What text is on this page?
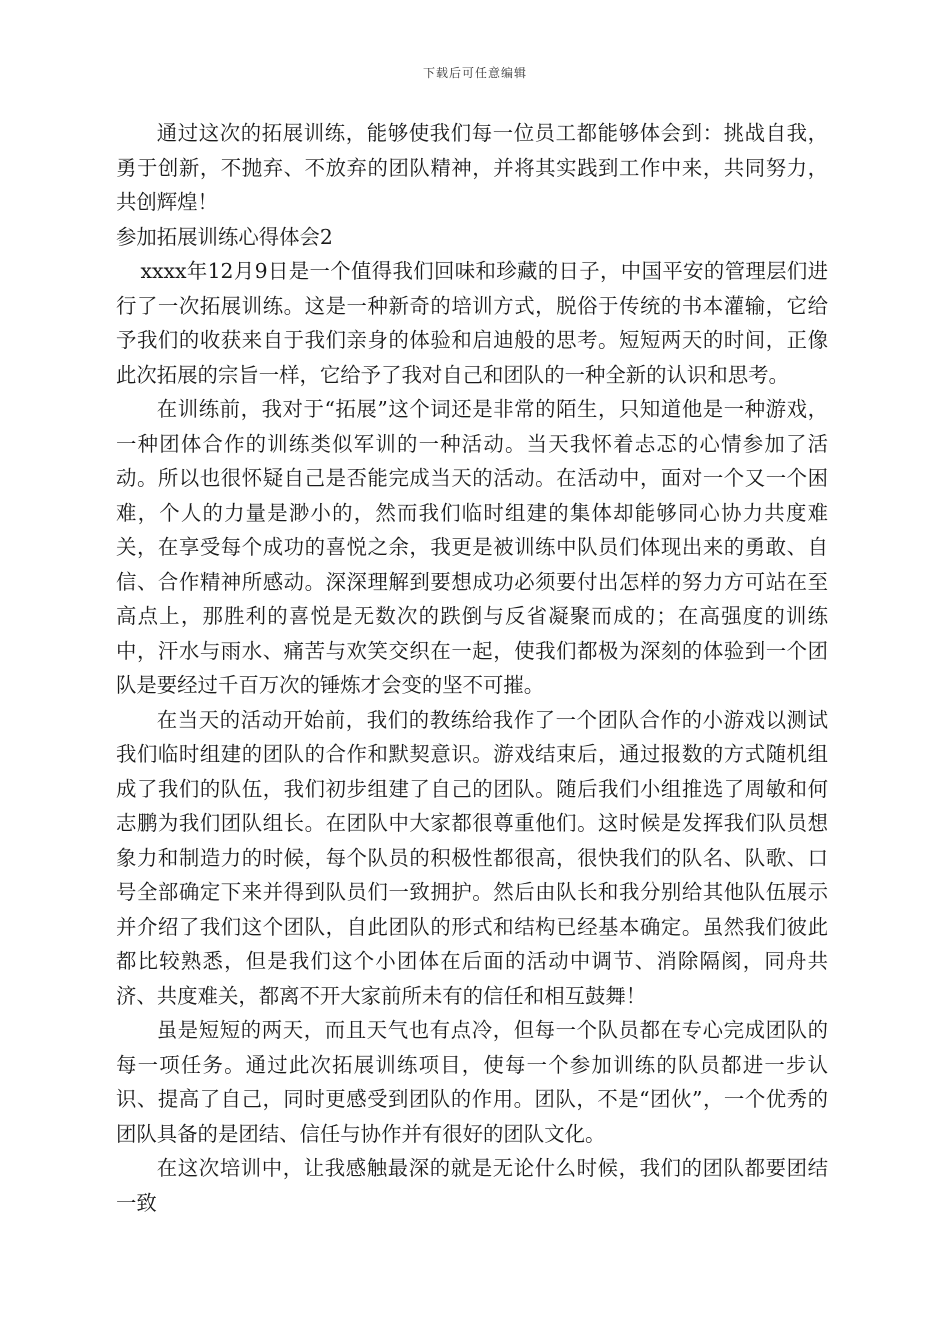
下载后可任意编辑

通过这次的拓展训练，能够使我们每一位员工都能够体会到：挑战自我，勇于创新，不抛弃、不放弃的团队精神，并将其实践到工作中来，共同努力，共创辉煌！

参加拓展训练心得体会2

xxxx年12月9日是一个值得我们回味和珍藏的日子，中国平安的管理层们进行了一次拓展训练。这是一种新奇的培训方式，脱俗于传统的书本灌输，它给予我们的收获来自于我们亲身的体验和启迪般的思考。短短两天的时间，正像此次拓展的宗旨一样，它给予了我对自己和团队的一种全新的认识和思考。

在训练前，我对于“拓展”这个词还是非常的陌生，只知道他是一种游戏，一种团体合作的训练类似军训的一种活动。当天我怀着忐忑的心情参加了活动。所以也很怀疑自己是否能完成当天的活动。在活动中，面对一个又一个困难，个人的力量是渺小的，然而我们临时组建的集体却能够同心协力共度难关，在享受每个成功的喜悦之余，我更是被训练中队员们体现出来的勇敢、自信、合作精神所感动。深深理解到要想成功必须要付出怎样的努力方可站在至高点上，那胜利的喜悦是无数次的跌倒与反省凝聚而成的；在高强度的训练中，汗水与雨水、痛苦与欢笑交织在一起，使我们都极为深刻的体验到一个团队是要经过千百万次的锤炼才会变的坚不可摧。

在当天的活动开始前，我们的教练给我作了一个团队合作的小游戏以测试我们临时组建的团队的合作和默契意识。游戏结束后，通过报数的方式随机组成了我们的队伍，我们初步组建了自己的团队。随后我们小组推选了周敏和何志鹏为我们团队组长。在团队中大家都很尊重他们。这时候是发挥我们队员想象力和制造力的时候，每个队员的积极性都很高，很快我们的队名、队歌、口号全部确定下来并得到队员们一致拥护。然后由队长和我分别给其他队伍展示并介绍了我们这个团队，自此团队的形式和结构已经基本确定。虽然我们彼此都比较熟悉，但是我们这个小团体在后面的活动中调节、消除隔阂，同舟共济、共度难关，都离不开大家前所未有的信任和相互鼓舞！

虽是短短的两天，而且天气也有点冷，但每一个队员都在专心完成团队的每一项任务。通过此次拓展训练项目，使每一个参加训练的队员都进一步认识、提高了自己，同时更感受到团队的作用。团队，不是“团伙”，一个优秀的团队具备的是团结、信任与协作并有很好的团队文化。

在这次培训中，让我感触最深的就是无论什么时候，我们的团队都要团结一致
